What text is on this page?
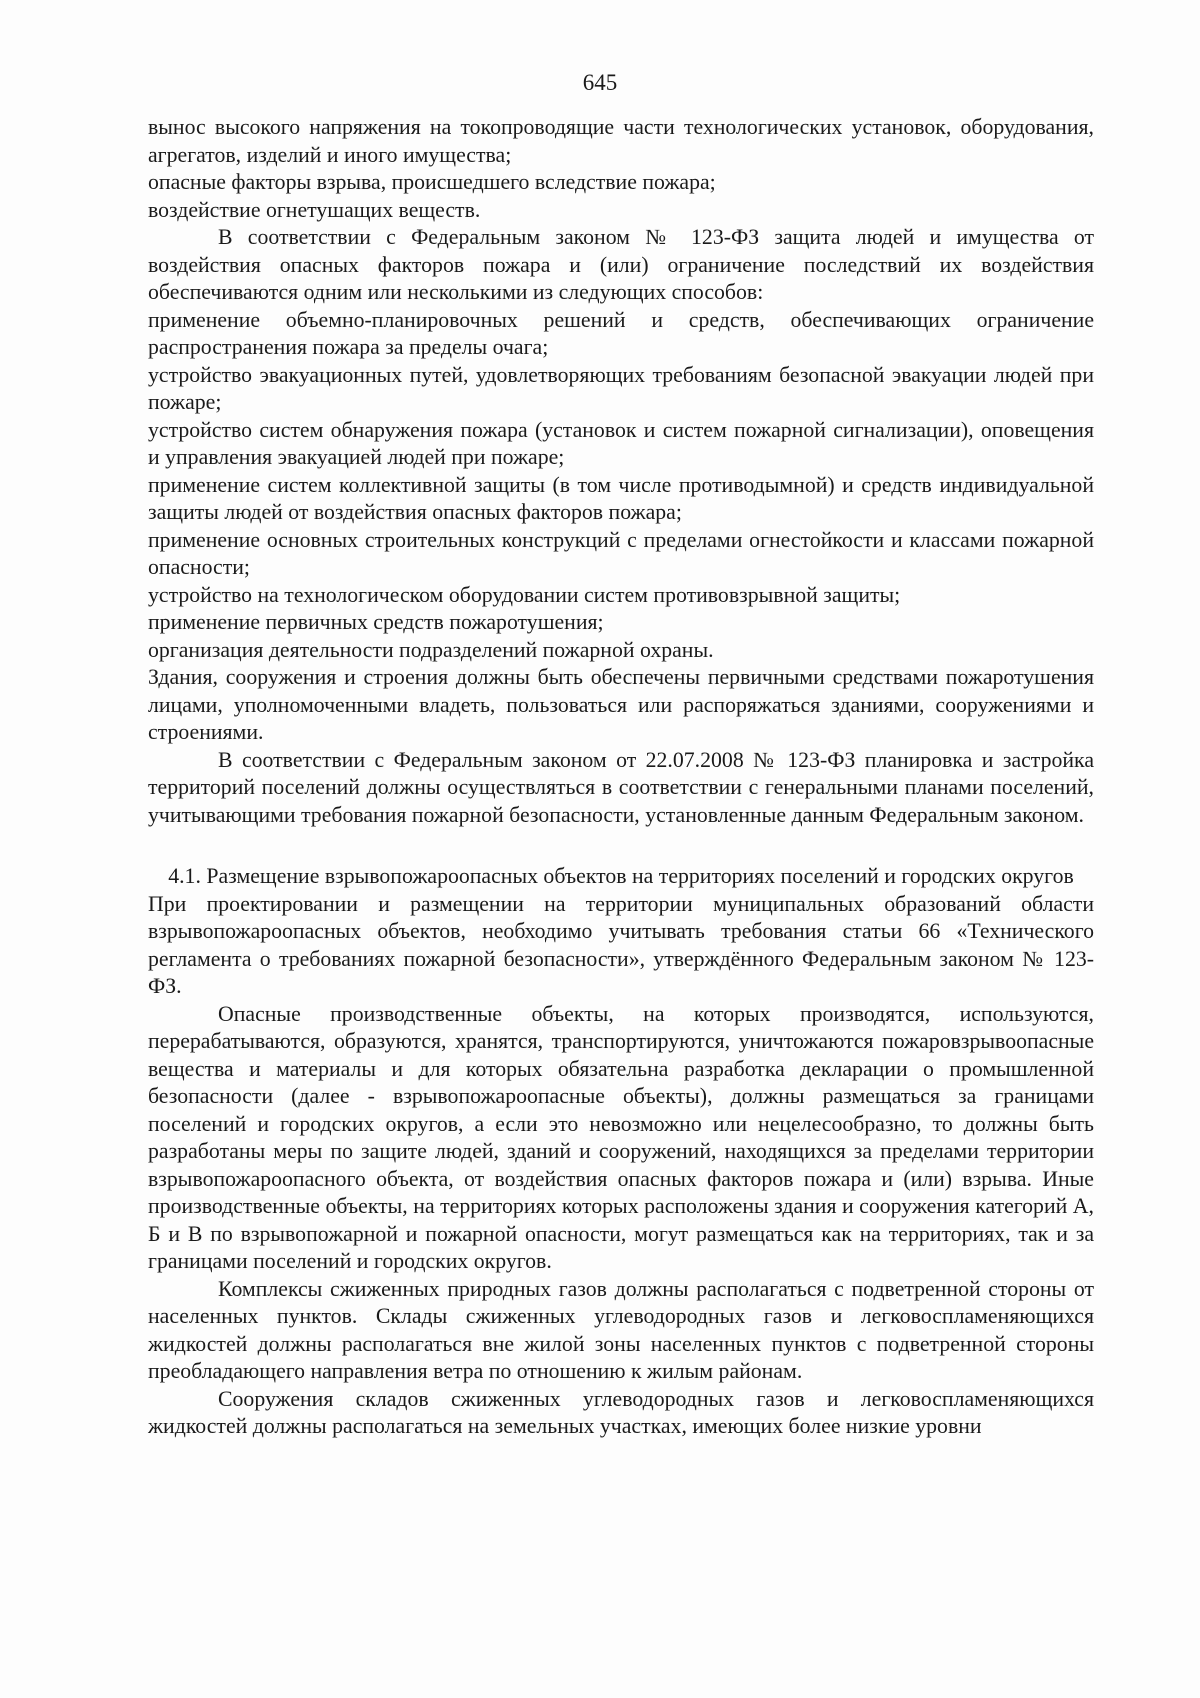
645

вынос высокого напряжения на токопроводящие части технологических установок, оборудования, агрегатов, изделий и иного имущества;

опасные факторы взрыва, происшедшего вследствие пожара;

воздействие огнетушащих веществ.

В соответствии с Федеральным законом № 123-ФЗ защита людей и имущества от воздействия опасных факторов пожара и (или) ограничение последствий их воздействия обеспечиваются одним или несколькими из следующих способов:

применение объемно-планировочных решений и средств, обеспечивающих ограничение распространения пожара за пределы очага;

устройство эвакуационных путей, удовлетворяющих требованиям безопасной эвакуации людей при пожаре;

устройство систем обнаружения пожара (установок и систем пожарной сигнализации), оповещения и управления эвакуацией людей при пожаре;

применение систем коллективной защиты (в том числе противодымной) и средств индивидуальной защиты людей от воздействия опасных факторов пожара;

применение основных строительных конструкций с пределами огнестойкости и классами пожарной опасности;

устройство на технологическом оборудовании систем противовзрывной защиты;

применение первичных средств пожаротушения;

организация деятельности подразделений пожарной охраны.

Здания, сооружения и строения должны быть обеспечены первичными средствами пожаротушения лицами, уполномоченными владеть, пользоваться или распоряжаться зданиями, сооружениями и строениями.

В соответствии с Федеральным законом от 22.07.2008 № 123-ФЗ планировка и застройка территорий поселений должны осуществляться в соответствии с генеральными планами поселений, учитывающими требования пожарной безопасности, установленные данным Федеральным законом.

4.1. Размещение взрывопожароопасных объектов на территориях поселений и городских округов

При проектировании и размещении на территории муниципальных образований области взрывопожароопасных объектов, необходимо учитывать требования статьи 66 «Технического регламента о требованиях пожарной безопасности», утверждённого Федеральным законом № 123-ФЗ.

Опасные производственные объекты, на которых производятся, используются, перерабатываются, образуются, хранятся, транспортируются, уничтожаются пожаровзрывоопасные вещества и материалы и для которых обязательна разработка декларации о промышленной безопасности (далее - взрывопожароопасные объекты), должны размещаться за границами поселений и городских округов, а если это невозможно или нецелесообразно, то должны быть разработаны меры по защите людей, зданий и сооружений, находящихся за пределами территории взрывопожароопасного объекта, от воздействия опасных факторов пожара и (или) взрыва. Иные производственные объекты, на территориях которых расположены здания и сооружения категорий А, Б и В по взрывопожарной и пожарной опасности, могут размещаться как на территориях, так и за границами поселений и городских округов.

Комплексы сжиженных природных газов должны располагаться с подветренной стороны от населенных пунктов. Склады сжиженных углеводородных газов и легковоспламеняющихся жидкостей должны располагаться вне жилой зоны населенных пунктов с подветренной стороны преобладающего направления ветра по отношению к жилым районам.

Сооружения складов сжиженных углеводородных газов и легковоспламеняющихся жидкостей должны располагаться на земельных участках, имеющих более низкие уровни
